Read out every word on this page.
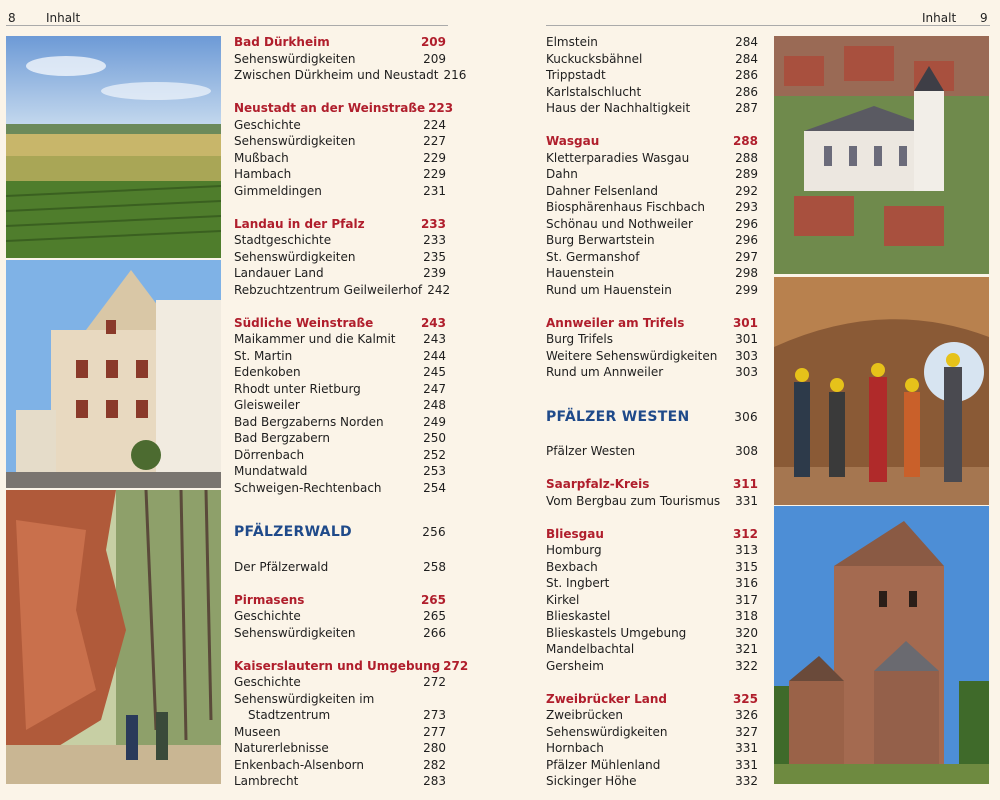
8	Inhalt	Inhalt 9
Bad Dürkheim	209
Sehenswürdigkeiten	209
Zwischen Dürkheim und Neustadt 216
Neustadt an der Weinstraße 223
Geschichte	224
Sehenswürdigkeiten	227
Mußbach	229
Hambach	229
Gimmeldingen	231
Landau in der Pfalz	233
Stadtgeschichte	233
Sehenswürdigkeiten	235
Landauer Land	239
Rebzuchtzentrum Geilweilerhof 242
Südliche Weinstraße	243
Maikammer und die Kalmit	243
St. Martin	244
Edenkoben	245
Rhodt unter Rietburg	247
Gleisweiler	248
Bad Bergzaberns Norden	249
Bad Bergzabern	250
Dörrenbach	252
Mundatwald	253
Schweigen-Rechtenbach	254
PFÄLZERWALD	256
Der Pfälzerwald	258
Pirmasens	265
Geschichte	265
Sehenswürdigkeiten	266
Kaiserslautern und Umgebung 272
Geschichte	272
Sehenswürdigkeiten im
Stadtzentrum	273
Museen	277
Naturerlebnisse	280
Enkenbach-Alsenborn	282
Lambrecht	283
Elmstein	284
Kuckucksbähnel	284
Trippstadt	286
Karlstalschlucht	286
Haus der Nachhaltigkeit	287
Wasgau	288
Kletterparadies Wasgau	288
Dahn	289
Dahner Felsenland	292
Biosphärenhaus Fischbach	293
Schönau und Nothweiler	296
Burg Berwartstein	296
St. Germanshof	297
Hauenstein	298
Rund um Hauenstein	299
Annweiler am Trifels	301
Burg Trifels	301
Weitere Sehenswürdigkeiten	303
Rund um Annweiler	303
PFÄLZER WESTEN	306
Pfälzer Westen	308
Saarpfalz-Kreis	311
Vom Bergbau zum Tourismus	331
Bliesgau	312
Homburg	313
Bexbach	315
St. Ingbert	316
Kirkel	317
Blieskastel	318
Blieskastels Umgebung	320
Mandelbachtal	321
Gersheim	322
Zweibrücker Land	325
Zweibrücken	326
Sehenswürdigkeiten	327
Hornbach	331
Pfälzer Mühlenland	331
Sickinger Höhe	332
